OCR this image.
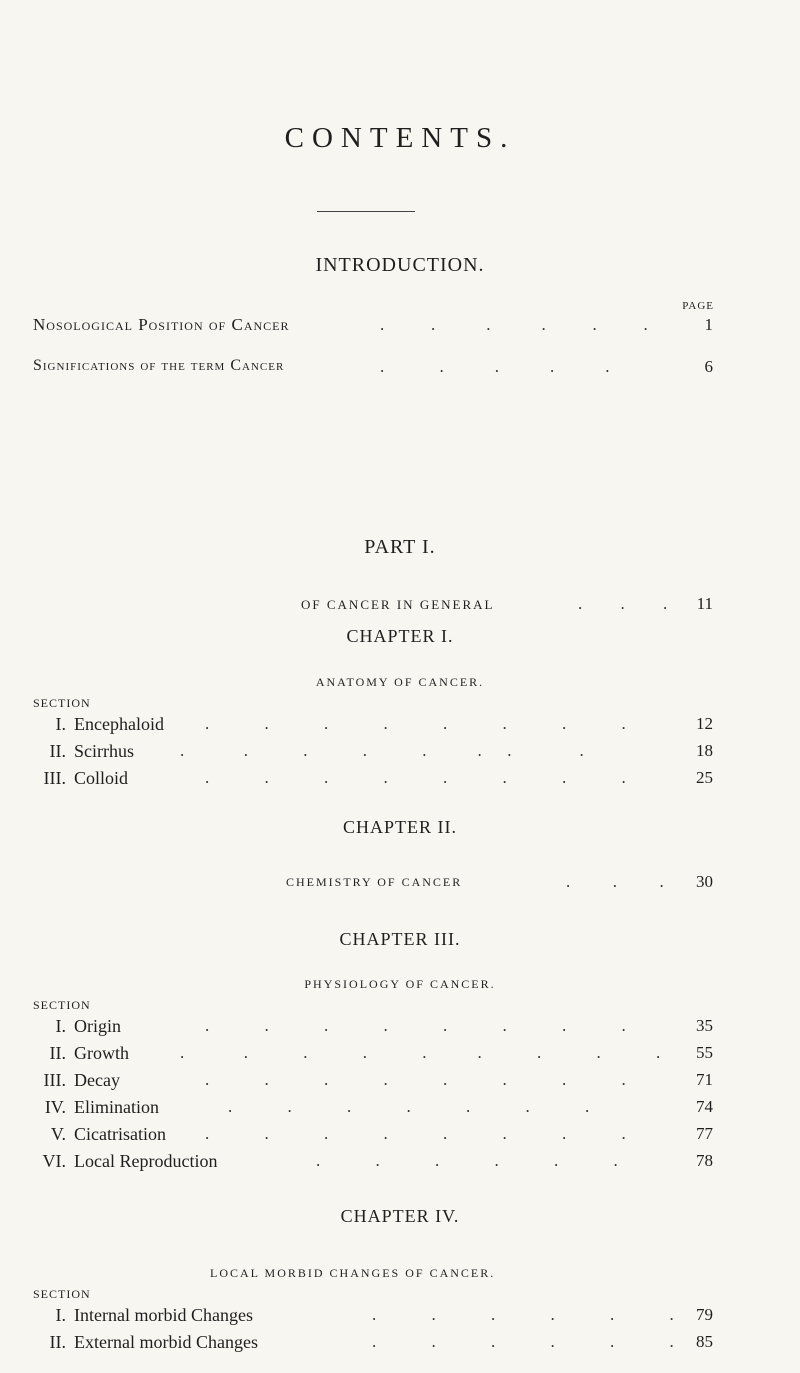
CONTENTS.
INTRODUCTION.
PAGE
Nosological Position of Cancer	.           .            .            .           .           .	1
Significations of the term Cancer	.             .            .            .            .	6
PART I.
OF CANCER IN GENERAL	.         .         . 11
CHAPTER I.
ANATOMY OF CANCER.
SECTION
I. Encephaloid .             .             .             .             .             .             .             .	12
II. Scirrhus	.              .             .             .             .            .      .                .	18
III. Colloid	.             .             .             .             .             .             .             .	25
CHAPTER II.
CHEMISTRY OF CANCER	.          .          . 30
CHAPTER III.
PHYSIOLOGY OF CANCER.
SECTION
I. Origin	.             .             .             .             .             .             .             .	35
II. Growth	.              .             .             .             .            .             .             .             . 55
III. Decay	.             .             .             .             .             .             .             .	71
IV. Elimination	.             .             .             .             .             .             .	74
V. Cicatrisation .             .             .             .             .             .             .             .	77
VI. Local Reproduction	.             .             .             .             .             .	78
CHAPTER IV.
LOCAL MORBID CHANGES OF CANCER.
SECTION
I. Internal morbid Changes	.             .             .             .             .             . 79
II. External morbid Changes	.             .             .             .             .             . 85
